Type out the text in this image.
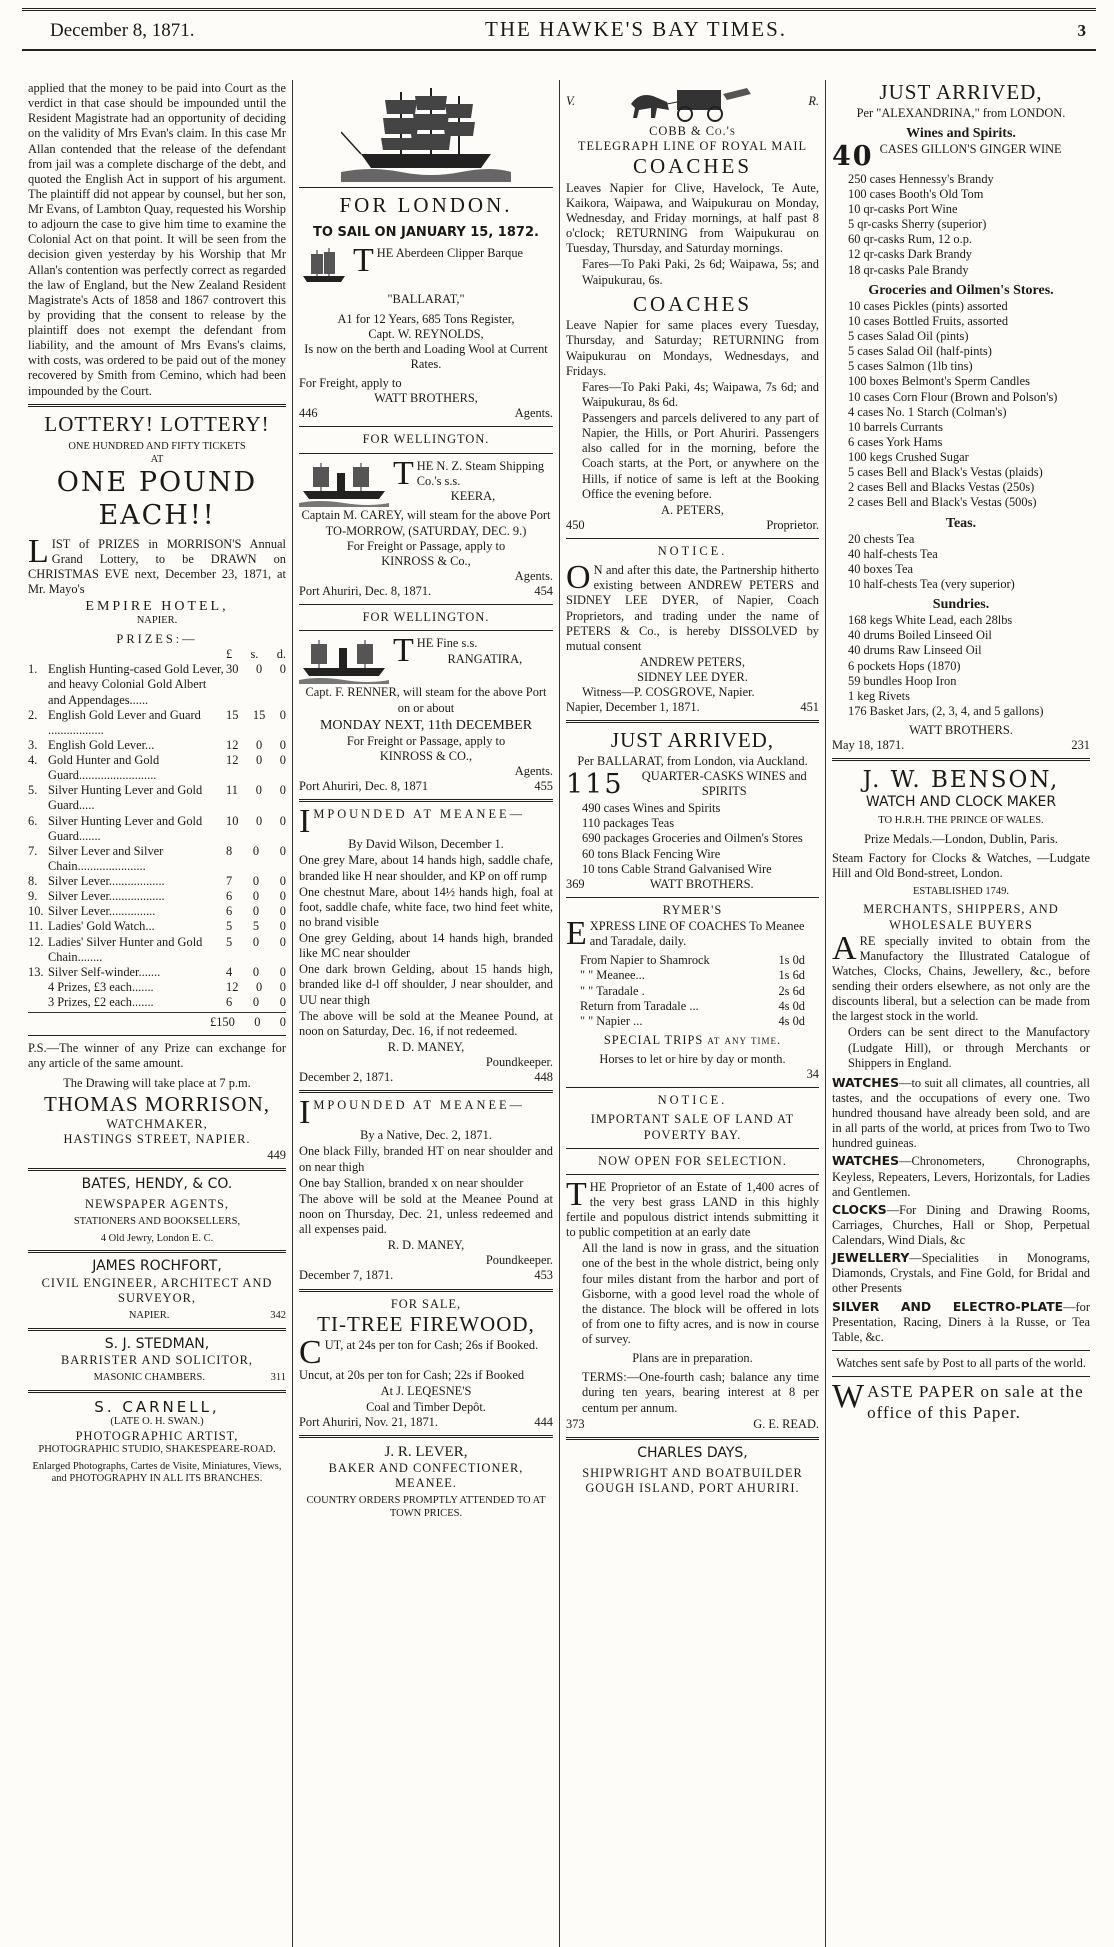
December 8, 1871.	THE HAWKE'S BAY TIMES.	3

applied that the money to be paid into Court as the verdict in that case should be impounded until the Resident Magistrate had an opportunity of deciding on the validity of Mrs Evan's claim. In this case Mr Allan contended that the release of the defendant from jail was a complete discharge of the debt, and quoted the English Act in support of his argument. The plaintiff did not appear by counsel, but her son, Mr Evans, of Lambton Quay, requested his Worship to adjourn the case to give him time to examine the Colonial Act on that point. It will be seen from the decision given yesterday by his Worship that Mr Allan's contention was perfectly correct as regarded the law of England, but the New Zealand Resident Magistrate's Acts of 1858 and 1867 controvert this by providing that the consent to release by the plaintiff does not exempt the defendant from liability, and the amount of Mrs Evans's claims, with costs, was ordered to be paid out of the money recovered by Smith from Cemino, which had been impounded by the Court.

LOTTERY! LOTTERY!
ONE HUNDRED AND FIFTY TICKETS
AT
ONE POUND EACH!!

LIST of PRIZES in MORRISON'S Annual Grand Lottery, to be DRAWN on CHRISTMAS EVE next, December 23, 1871, at Mr. Mayo's

EMPIRE HOTEL,
NAPIER.
PRIZES:—
£ s. d.
1. English Hunting-cased Gold Lever, and heavy Colonial Gold Albert and Appendages......
30 0 0
2. English Gold Lever and Guard ..................
15 15 0
3. English Gold Lever...	12 0 0
4. Gold Hunter and Gold Guard.........................
12 0 0
5. Silver Hunting Lever and Gold Guard.....
11 0 0
6. Silver Hunting Lever and Gold Guard.......
10 0 0
7. Silver Lever and Silver Chain......................
8 0 0
8. Silver Lever..................	7 0 0
9. Silver Lever..................	6 0 0
10. Silver Lever...............	6 0 0
11. Ladies' Gold Watch...	5 5 0
12. Ladies' Silver Hunter and Gold Chain........
5 0 0
13. Silver Self-winder.......	4 0 0
4 Prizes, £3 each.......	12 0 0
3 Prizes, £2 each.......	6 0 0
£150 0 0

P.S.—The winner of any Prize can exchange for any article of the same amount.

The Drawing will take place at 7 p.m.

THOMAS MORRISON,
WATCHMAKER,
HASTINGS STREET, NAPIER.
449
BATES, HENDY, & CO.
NEWSPAPER AGENTS,
STATIONERS AND BOOKSELLERS,
4 Old Jewry, London E. C.
JAMES ROCHFORT,
CIVIL ENGINEER, ARCHITECT AND SURVEYOR,
NAPIER.	342
S. J. STEDMAN,
BARRISTER AND SOLICITOR,
MASONIC CHAMBERS.	311
S. CARNELL,
(LATE O. H. SWAN.)
PHOTOGRAPHIC ARTIST,
PHOTOGRAPHIC STUDIO, SHAKESPEARE-ROAD.
Enlarged Photographs, Cartes de Visite, Miniatures, Views, and PHOTOGRAPHY IN ALL ITS BRANCHES.
FOR LONDON.
TO SAIL ON JANUARY 15, 1872.
T HE Aberdeen Clipper Barque
"BALLARAT,"
A1 for 12 Years, 685 Tons Register,
Capt. W. REYNOLDS,
Is now on the berth and Loading Wool at Current Rates.
For Freight, apply to
WATT BROTHERS,
446	Agents.
FOR WELLINGTON.
T HE N. Z. Steam Shipping Co.'s s.s.
KEERA,

Captain M. CAREY, will steam for the above Port

TO-MORROW, (SATURDAY, DEC. 9.)
For Freight or Passage, apply to
KINROSS & Co.,
Agents.
Port Ahuriri, Dec. 8, 1871.	454
FOR WELLINGTON.
T HE Fine s.s.
RANGATIRA,

Capt. F. RENNER, will steam for the above Port on or about

MONDAY NEXT, 11th DECEMBER
For Freight or Passage, apply to
KINROSS & CO.,
Agents.
Port Ahuriri, Dec. 8, 1871	455

IMPOUNDED AT MEANEE—

By David Wilson, December 1.

One grey Mare, about 14 hands high, saddle chafe, branded like H near shoulder, and KP on off rump

One chestnut Mare, about 14½ hands high, foal at foot, saddle chafe, white face, two hind feet white, no brand visible

One grey Gelding, about 14 hands high, branded like MC near shoulder

One dark brown Gelding, about 15 hands high, branded like d-l off shoulder, J near shoulder, and UU near thigh

The above will be sold at the Meanee Pound, at noon on Saturday, Dec. 16, if not redeemed.

R. D. MANEY,
Poundkeeper.
December 2, 1871.	448

IMPOUNDED AT MEANEE—

By a Native, Dec. 2, 1871.

One black Filly, branded HT on near shoulder and on near thigh

One bay Stallion, branded x on near shoulder

The above will be sold at the Meanee Pound at noon on Thursday, Dec. 21, unless redeemed and all expenses paid.

R. D. MANEY,
Poundkeeper.
December 7, 1871.	453
FOR SALE,
TI-TREE FIREWOOD,

CUT, at 24s per ton for Cash; 26s if Booked.

Uncut, at 20s per ton for Cash; 22s if Booked

At J. LEQESNE'S
Coal and Timber Depôt.
Port Ahuriri, Nov. 21, 1871.	444
J. R. LEVER,
BAKER AND CONFECTIONER,
MEANEE.
COUNTRY ORDERS PROMPTLY ATTENDED TO AT TOWN PRICES.
V.	R.
COBB & Co.'s
TELEGRAPH LINE OF ROYAL MAIL
COACHES

Leaves Napier for Clive, Havelock, Te Aute, Kaikora, Waipawa, and Waipukurau on Monday, Wednesday, and Friday mornings, at half past 8 o'clock; RETURNING from Waipukurau on Tuesday, Thursday, and Saturday mornings.

Fares—To Paki Paki, 2s 6d; Waipawa, 5s; and Waipukurau, 6s.

COACHES

Leave Napier for same places every Tuesday, Thursday, and Saturday; RETURNING from Waipukurau on Mondays, Wednesdays, and Fridays.

Fares—To Paki Paki, 4s; Waipawa, 7s 6d; and Waipukurau, 8s 6d.

Passengers and parcels delivered to any part of Napier, the Hills, or Port Ahuriri. Passengers also called for in the morning, before the Coach starts, at the Port, or anywhere on the Hills, if notice of same is left at the Booking Office the evening before.

A. PETERS,
450	Proprietor.
NOTICE.

O N and after this date, the Partnership hitherto existing between ANDREW PETERS and SIDNEY LEE DYER, of Napier, Coach Proprietors, and trading under the name of PETERS & Co., is hereby DISSOLVED by mutual consent

ANDREW PETERS,
SIDNEY LEE DYER.
Witness—P. COSGROVE, Napier.
Napier, December 1, 1871.	451
JUST ARRIVED,
Per BALLARAT, from London, via Auckland.
115	QUARTER-CASKS WINES and SPIRITS
490 cases Wines and Spirits
110 packages Teas
690 packages Groceries and Oilmen's Stores
60 tons Black Fencing Wire
10 tons Cable Strand Galvanised Wire
369	WATT BROTHERS.
RYMER'S

EXPRESS LINE OF COACHES To Meanee and Taradale, daily.

From Napier to Shamrock	1s 0d
" " Meanee...	1s 6d
" " Taradale .	2s 6d
Return from Taradale ...	4s 0d
" " Napier ...	4s 0d
SPECIAL TRIPS at any time.
Horses to let or hire by day or month.
34
NOTICE.
IMPORTANT SALE OF LAND AT POVERTY BAY.
NOW OPEN FOR SELECTION.

THE Proprietor of an Estate of 1,400 acres of the very best grass LAND in this highly fertile and populous district intends submitting it to public competition at an early date

All the land is now in grass, and the situation one of the best in the whole district, being only four miles distant from the harbor and port of Gisborne, with a good level road the whole of the distance. The block will be offered in lots of from one to fifty acres, and is now in course of survey.

Plans are in preparation.

TERMS:—One-fourth cash; balance any time during ten years, bearing interest at 8 per centum per annum.

373	G. E. READ.
CHARLES DAYS,
SHIPWRIGHT AND BOATBUILDER
GOUGH ISLAND, PORT AHURIRI.
JUST ARRIVED,
Per "ALEXANDRINA," from LONDON.
Wines and Spirits.
40 CASES GILLON'S GINGER WINE
250 cases Hennessy's Brandy
100 cases Booth's Old Tom
10 qr-casks Port Wine
5 qr-casks Sherry (superior)
60 qr-casks Rum, 12 o.p.
12 qr-casks Dark Brandy
18 qr-casks Pale Brandy
Groceries and Oilmen's Stores.
10 cases Pickles (pints) assorted
10 cases Bottled Fruits, assorted
5 cases Salad Oil (pints)
5 cases Salad Oil (half-pints)
5 cases Salmon (1lb tins)
100 boxes Belmont's Sperm Candles
10 cases Corn Flour (Brown and Polson's)
4 cases No. 1 Starch (Colman's)
10 barrels Currants
6 cases York Hams
100 kegs Crushed Sugar
5 cases Bell and Black's Vestas (plaids)
2 cases Bell and Blacks Vestas (250s)
2 cases Bell and Black's Vestas (500s)
Teas.
20 chests Tea
40 half-chests Tea
40 boxes Tea
10 half-chests Tea (very superior)
Sundries.
168 kegs White Lead, each 28lbs
40 drums Boiled Linseed Oil
40 drums Raw Linseed Oil
6 pockets Hops (1870)
59 bundles Hoop Iron
1 keg Rivets
176 Basket Jars, (2, 3, 4, and 5 gallons)
WATT BROTHERS.
May 18, 1871.	231
J. W. BENSON,
WATCH AND CLOCK MAKER
TO H.R.H. THE PRINCE OF WALES.
Prize Medals.—London, Dublin, Paris.

Steam Factory for Clocks & Watches, —Ludgate Hill and Old Bond-street, London.

ESTABLISHED 1749.
MERCHANTS, SHIPPERS, AND WHOLESALE BUYERS

ARE specially invited to obtain from the Manufactory the Illustrated Catalogue of Watches, Clocks, Chains, Jewellery, &c., before sending their orders elsewhere, as not only are the discounts liberal, but a selection can be made from the largest stock in the world.

Orders can be sent direct to the Manufactory (Ludgate Hill), or through Merchants or Shippers in England.

WATCHES—to suit all climates, all countries, all tastes, and the occupations of every one. Two hundred thousand have already been sold, and are in all parts of the world, at prices from Two to Two hundred guineas.

WATCHES—Chronometers, Chronographs, Keyless, Repeaters, Levers, Horizontals, for Ladies and Gentlemen.

CLOCKS—For Dining and Drawing Rooms, Carriages, Churches, Hall or Shop, Perpetual Calendars, Wind Dials, &c

JEWELLERY—Specialities in Monograms, Diamonds, Crystals, and Fine Gold, for Bridal and other Presents

SILVER AND ELECTRO-PLATE—for Presentation, Racing, Diners à la Russe, or Tea Table, &c.

Watches sent safe by Post to all parts of the world.

WASTE PAPER on sale at the office of this Paper.
